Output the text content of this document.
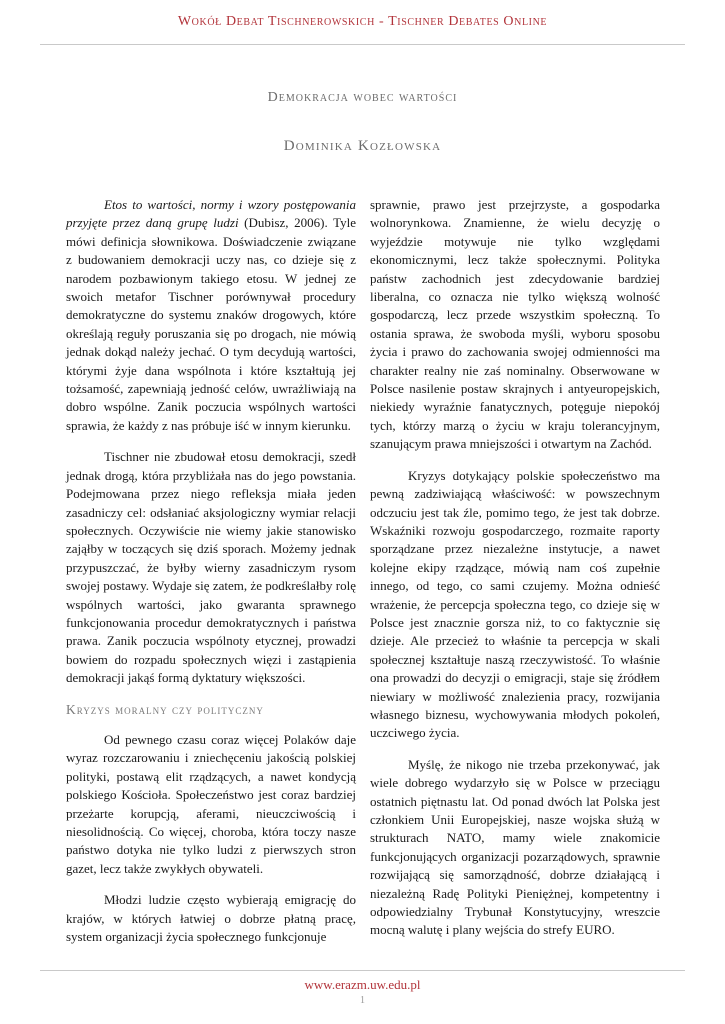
Wokół Debat Tischnerowskich - Tischner Debates Online
Demokracja wobec wartości
Dominika Kozłowska

Etos to wartości, normy i wzory postępowania przyjęte przez daną grupę ludzi (Dubisz, 2006). Tyle mówi definicja słownikowa. Doświadczenie związane z budowaniem demokracji uczy nas, co dzieje się z narodem pozbawionym takiego etosu. W jednej ze swoich metafor Tischner porównywał procedury demokratyczne do systemu znaków drogowych, które określają reguły poruszania się po drogach, nie mówią jednak dokąd należy jechać. O tym decydują wartości, którymi żyje dana wspólnota i które kształtują jej tożsamość, zapewniają jedność celów, uwrażliwiają na dobro wspólne. Zanik poczucia wspólnych wartości sprawia, że każdy z nas próbuje iść w innym kierunku.

Tischner nie zbudował etosu demokracji, szedł jednak drogą, która przybliżała nas do jego powstania. Podejmowana przez niego refleksja miała jeden zasadniczy cel: odsłaniać aksjologiczny wymiar relacji społecznych. Oczywiście nie wiemy jakie stanowisko zająłby w toczących się dziś sporach. Możemy jednak przypuszczać, że byłby wierny zasadniczym rysom swojej postawy. Wydaje się zatem, że podkreślałby rolę wspólnych wartości, jako gwaranta sprawnego funkcjonowania procedur demokratycznych i państwa prawa. Zanik poczucia wspólnoty etycznej, prowadzi bowiem do rozpadu społecznych więzi i zastąpienia demokracji jakąś formą dyktatury większości.

Kryzys moralny czy polityczny

Od pewnego czasu coraz więcej Polaków daje wyraz rozczarowaniu i zniechęceniu jakością polskiej polityki, postawą elit rządzących, a nawet kondycją polskiego Kościoła. Społeczeństwo jest coraz bardziej przeżarte korupcją, aferami, nieuczciwością i niesolidnością. Co więcej, choroba, która toczy nasze państwo dotyka nie tylko ludzi z pierwszych stron gazet, lecz także zwykłych obywateli.

Młodzi ludzie często wybierają emigrację do krajów, w których łatwiej o dobrze płatną pracę, system organizacji życia społecznego funkcjonuje

sprawnie, prawo jest przejrzyste, a gospodarka wolnorynkowa. Znamienne, że wielu decyzję o wyjeździe motywuje nie tylko względami ekonomicznymi, lecz także społecznymi. Polityka państw zachodnich jest zdecydowanie bardziej liberalna, co oznacza nie tylko większą wolność gospodarczą, lecz przede wszystkim społeczną. To ostania sprawa, że swoboda myśli, wyboru sposobu życia i prawo do zachowania swojej odmienności ma charakter realny nie zaś nominalny. Obserwowane w Polsce nasilenie postaw skrajnych i antyeuropejskich, niekiedy wyraźnie fanatycznych, potęguje niepokój tych, którzy marzą o życiu w kraju tolerancyjnym, szanującym prawa mniejszości i otwartym na Zachód.

Kryzys dotykający polskie społeczeństwo ma pewną zadziwiającą właściwość: w powszechnym odczuciu jest tak źle, pomimo tego, że jest tak dobrze. Wskaźniki rozwoju gospodarczego, rozmaite raporty sporządzane przez niezależne instytucje, a nawet kolejne ekipy rządzące, mówią nam coś zupełnie innego, od tego, co sami czujemy. Można odnieść wrażenie, że percepcja społeczna tego, co dzieje się w Polsce jest znacznie gorsza niż, to co faktycznie się dzieje. Ale przecież to właśnie ta percepcja w skali społecznej kształtuje naszą rzeczywistość. To właśnie ona prowadzi do decyzji o emigracji, staje się źródłem niewiary w możliwość znalezienia pracy, rozwijania własnego biznesu, wychowywania młodych pokoleń, uczciwego życia.

Myślę, że nikogo nie trzeba przekonywać, jak wiele dobrego wydarzyło się w Polsce w przeciągu ostatnich piętnastu lat. Od ponad dwóch lat Polska jest członkiem Unii Europejskiej, nasze wojska służą w strukturach NATO, mamy wiele znakomicie funkcjonujących organizacji pozarządowych, sprawnie rozwijającą się samorządność, dobrze działającą i niezależną Radę Polityki Pieniężnej, kompetentny i odpowiedzialny Trybunał Konstytucyjny, wreszcie mocną walutę i plany wejścia do strefy EURO.

www.erazm.uw.edu.pl
1
